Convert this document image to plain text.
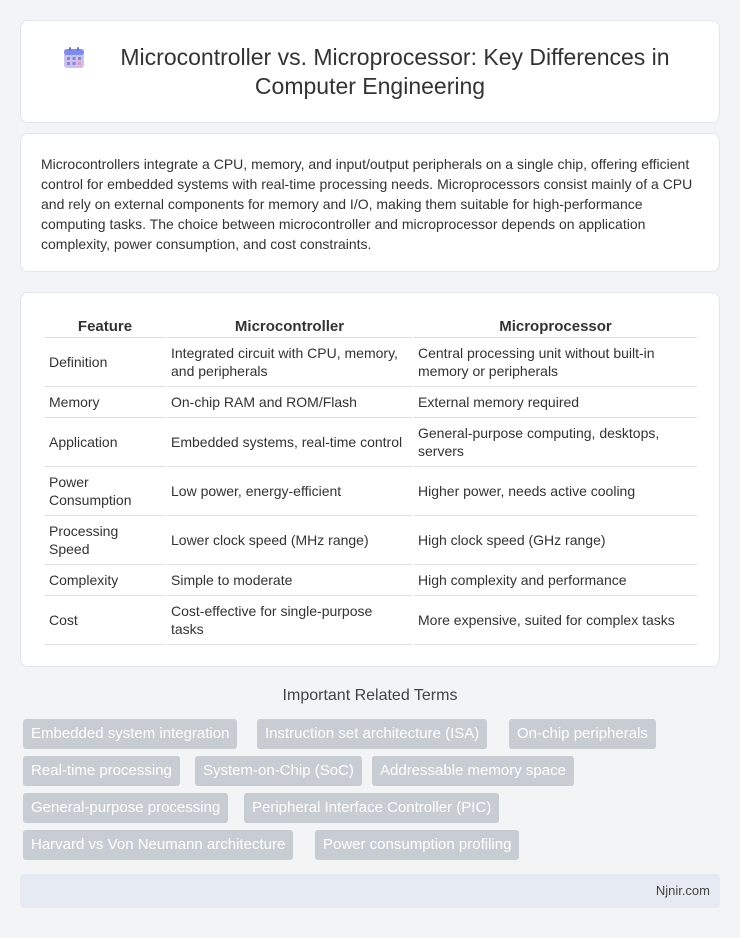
Microcontroller vs. Microprocessor: Key Differences in
Computer Engineering

Microcontrollers integrate a CPU, memory, and input/output peripherals on a single chip, offering efficient control for embedded systems with real-time processing needs. Microprocessors consist mainly of a CPU and rely on external components for memory and I/O, making them suitable for high-performance computing tasks. The choice between microcontroller and microprocessor depends on application complexity, power consumption, and cost constraints.

Feature	Microcontroller	Microprocessor
Definition	Integrated circuit with CPU, memory, and peripherals	Central processing unit without built-in memory or peripherals
Memory	On-chip RAM and ROM/Flash	External memory required
Application	Embedded systems, real-time control	General-purpose computing, desktops, servers
Power Consumption	Low power, energy-efficient	Higher power, needs active cooling
Processing Speed	Lower clock speed (MHz range)	High clock speed (GHz range)
Complexity	Simple to moderate	High complexity and performance
Cost	Cost-effective for single-purpose tasks	More expensive, suited for complex tasks
Important Related Terms
Embedded system integration	Instruction set architecture (ISA)	On-chip peripherals
Real-time processing	System-on-Chip (SoC)	Addressable memory space
General-purpose processing	Peripheral Interface Controller (PIC)
Harvard vs Von Neumann architecture	Power consumption profiling
Njnir.com
